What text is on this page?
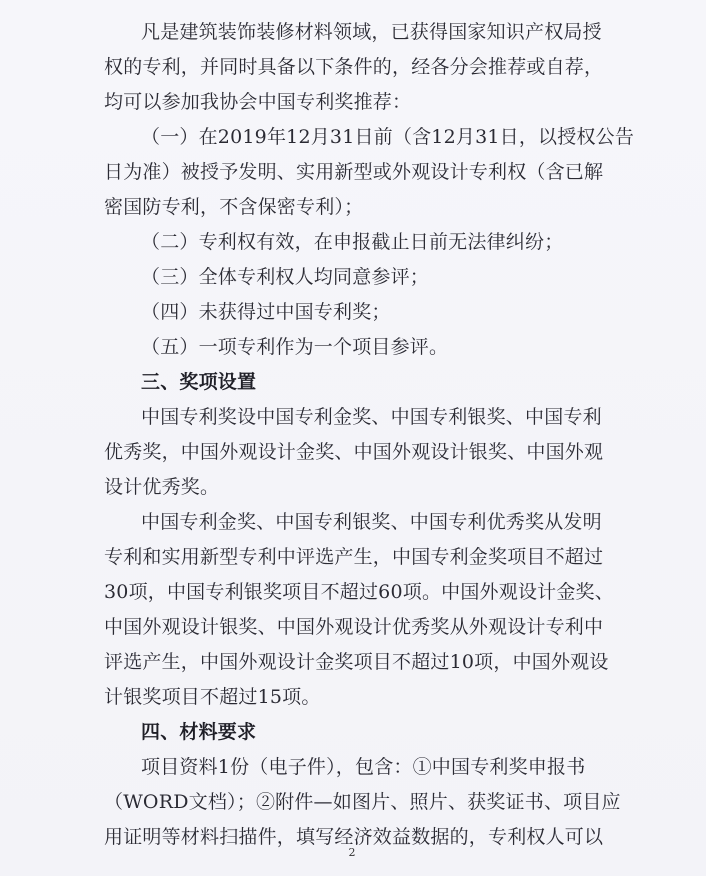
凡是建筑装饰装修材料领域，已获得国家知识产权局授
权的专利，并同时具备以下条件的，经各分会推荐或自荐，
均可以参加我协会中国专利奖推荐：
（一）在2019年12月31日前（含12月31日，以授权公告
日为准）被授予发明、实用新型或外观设计专利权（含已解
密国防专利，不含保密专利）；
（二）专利权有效，在申报截止日前无法律纠纷；
（三）全体专利权人均同意参评；
（四）未获得过中国专利奖；
（五）一项专利作为一个项目参评。
三、奖项设置
中国专利奖设中国专利金奖、中国专利银奖、中国专利
优秀奖，中国外观设计金奖、中国外观设计银奖、中国外观
设计优秀奖。
中国专利金奖、中国专利银奖、中国专利优秀奖从发明
专利和实用新型专利中评选产生，中国专利金奖项目不超过
30项，中国专利银奖项目不超过60项。中国外观设计金奖、
中国外观设计银奖、中国外观设计优秀奖从外观设计专利中
评选产生，中国外观设计金奖项目不超过10项，中国外观设
计银奖项目不超过15项。
四、材料要求
项目资料1份（电子件），包含：①中国专利奖申报书
（WORD文档）；②附件—如图片、照片、获奖证书、项目应
用证明等材料扫描件，填写经济效益数据的，专利权人可以
2
